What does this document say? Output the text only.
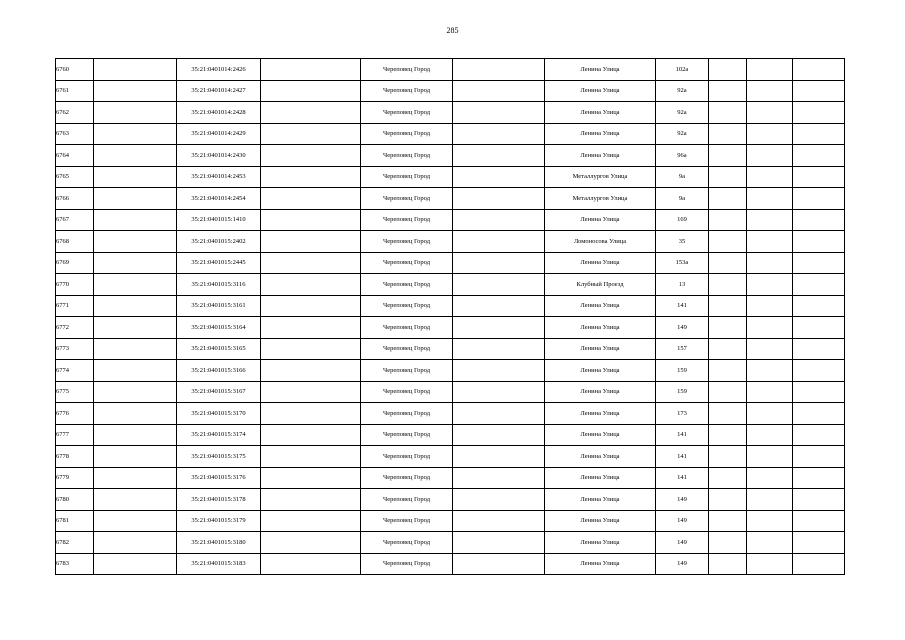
285
6760		35:21:0401014:2426		Череповец Город		Ленина Улица	102а			
6761		35:21:0401014:2427		Череповец Город		Ленина Улица	92а			
6762		35:21:0401014:2428		Череповец Город		Ленина Улица	92а			
6763		35:21:0401014:2429		Череповец Город		Ленина Улица	92а			
6764		35:21:0401014:2430		Череповец Город		Ленина Улица	96а			
6765		35:21:0401014:2453		Череповец Город		Металлургов Улица	9а			
6766		35:21:0401014:2454		Череповец Город		Металлургов Улица	9а			
6767		35:21:0401015:1410		Череповец Город		Ленина Улица	169			
6768		35:21:0401015:2402		Череповец Город		Ломоносова Улица	35			
6769		35:21:0401015:2445		Череповец Город		Ленина Улица	153а			
6770		35:21:0401015:3116		Череповец Город		Клубный Проезд	13			
6771		35:21:0401015:3161		Череповец Город		Ленина Улица	141			
6772		35:21:0401015:3164		Череповец Город		Ленина Улица	149			
6773		35:21:0401015:3165		Череповец Город		Ленина Улица	157			
6774		35:21:0401015:3166		Череповец Город		Ленина Улица	159			
6775		35:21:0401015:3167		Череповец Город		Ленина Улица	159			
6776		35:21:0401015:3170		Череповец Город		Ленина Улица	173			
6777		35:21:0401015:3174		Череповец Город		Ленина Улица	141			
6778		35:21:0401015:3175		Череповец Город		Ленина Улица	141			
6779		35:21:0401015:3176		Череповец Город		Ленина Улица	141			
6780		35:21:0401015:3178		Череповец Город		Ленина Улица	149			
6781		35:21:0401015:3179		Череповец Город		Ленина Улица	149			
6782		35:21:0401015:3180		Череповец Город		Ленина Улица	149			
6783		35:21:0401015:3183		Череповец Город		Ленина Улица	149			
